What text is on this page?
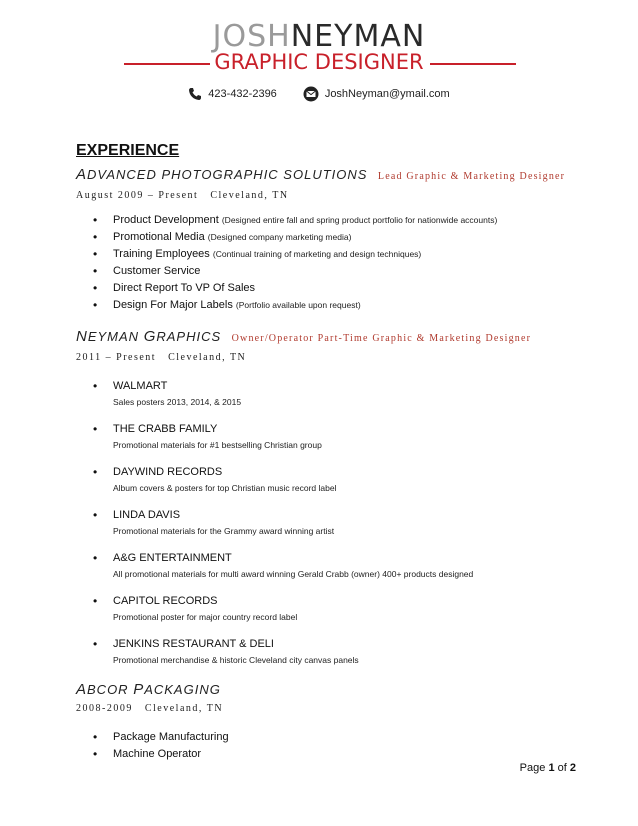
JOSHNEYMAN
GRAPHIC DESIGNER
423-432-2396	JoshNeyman@ymail.com
EXPERIENCE
ADVANCED PHOTOGRAPHIC SOLUTIONS Lead Graphic & Marketing Designer
August 2009 – Present Cleveland, TN
• Product Development (Designed entire fall and spring product portfolio for nationwide accounts)
• Promotional Media (Designed company marketing media)
• Training Employees (Continual training of marketing and design techniques)
• Customer Service
• Direct Report To VP Of Sales
• Design For Major Labels (Portfolio available upon request)
NEYMAN GRAPHICS Owner/Operator Part-Time Graphic & Marketing Designer
2011 – Present Cleveland, TN
• WALMART
Sales posters 2013, 2014, & 2015
• THE CRABB FAMILY
Promotional materials for #1 bestselling Christian group
• DAYWIND RECORDS
Album covers & posters for top Christian music record label
• LINDA DAVIS
Promotional materials for the Grammy award winning artist
• A&G ENTERTAINMENT
All promotional materials for multi award winning Gerald Crabb (owner) 400+ products designed
• CAPITOL RECORDS
Promotional poster for major country record label
• JENKINS RESTAURANT & DELI
Promotional merchandise & historic Cleveland city canvas panels
ABCOR PACKAGING
2008-2009 Cleveland, TN
• Package Manufacturing
• Machine Operator
Page 1 of 2
